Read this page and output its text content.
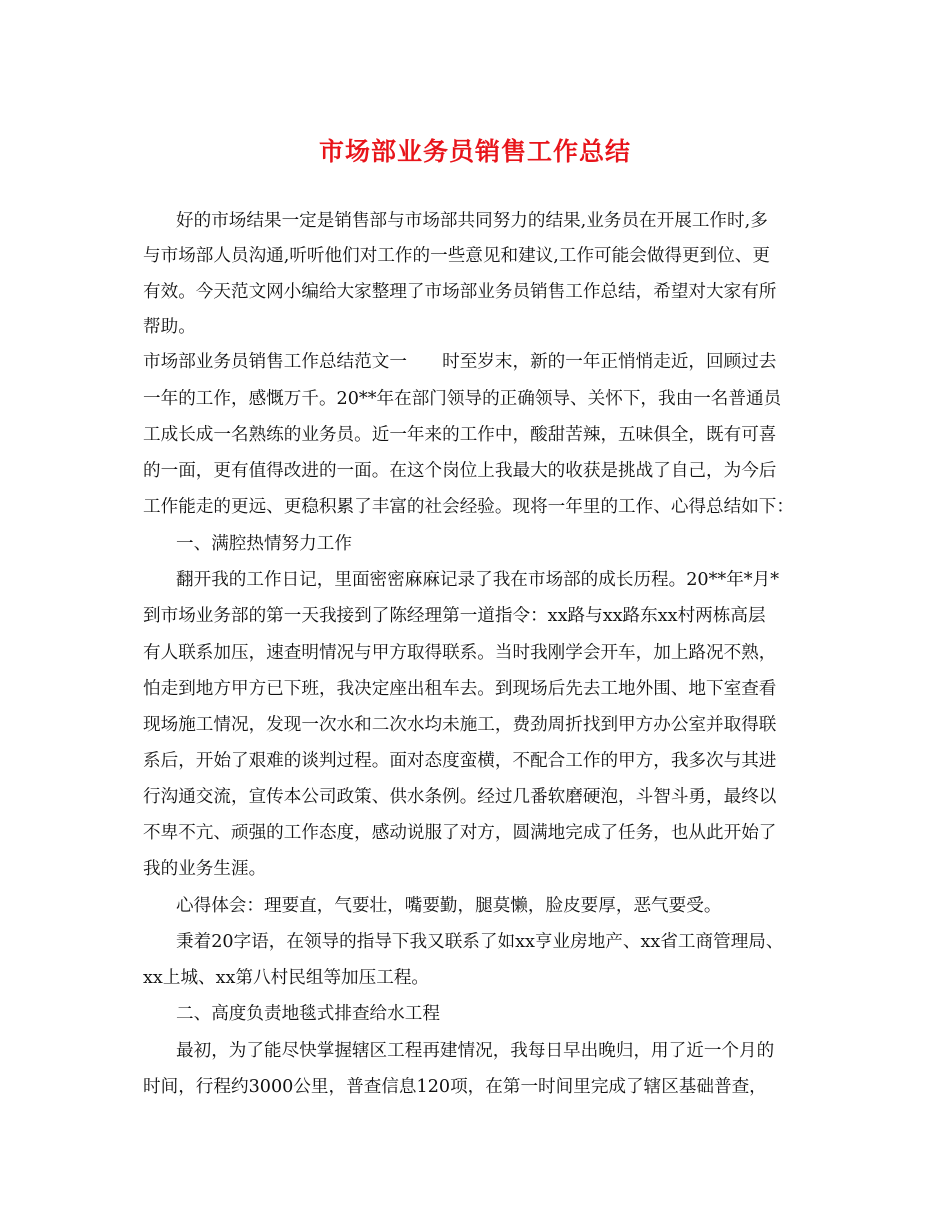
市场部业务员销售工作总结
好的市场结果一定是销售部与市场部共同努力的结果,业务员在开展工作时,多
与市场部人员沟通,听听他们对工作的一些意见和建议,工作可能会做得更到位、更
有效。今天范文网小编给大家整理了市场部业务员销售工作总结，希望对大家有所
帮助。
市场部业务员销售工作总结范文一　　时至岁末，新的一年正悄悄走近，回顾过去
一年的工作，感慨万千。20**年在部门领导的正确领导、关怀下，我由一名普通员
工成长成一名熟练的业务员。近一年来的工作中，酸甜苦辣，五味俱全，既有可喜
的一面，更有值得改进的一面。在这个岗位上我最大的收获是挑战了自己，为今后
工作能走的更远、更稳积累了丰富的社会经验。现将一年里的工作、心得总结如下：
一、满腔热情努力工作
翻开我的工作日记，里面密密麻麻记录了我在市场部的成长历程。20**年*月*
到市场业务部的第一天我接到了陈经理第一道指令：xx路与xx路东xx村两栋高层
有人联系加压，速查明情况与甲方取得联系。当时我刚学会开车，加上路况不熟，
怕走到地方甲方已下班，我决定座出租车去。到现场后先去工地外围、地下室查看
现场施工情况，发现一次水和二次水均未施工，费劲周折找到甲方办公室并取得联
系后，开始了艰难的谈判过程。面对态度蛮横，不配合工作的甲方，我多次与其进
行沟通交流，宣传本公司政策、供水条例。经过几番软磨硬泡，斗智斗勇，最终以
不卑不亢、顽强的工作态度，感动说服了对方，圆满地完成了任务，也从此开始了
我的业务生涯。
心得体会：理要直，气要壮，嘴要勤，腿莫懒，脸皮要厚，恶气要受。
秉着20字语，在领导的指导下我又联系了如xx亨业房地产、xx省工商管理局、
xx上城、xx第八村民组等加压工程。
二、高度负责地毯式排查给水工程
最初，为了能尽快掌握辖区工程再建情况，我每日早出晚归，用了近一个月的
时间，行程约3000公里，普查信息120项，在第一时间里完成了辖区基础普查，
